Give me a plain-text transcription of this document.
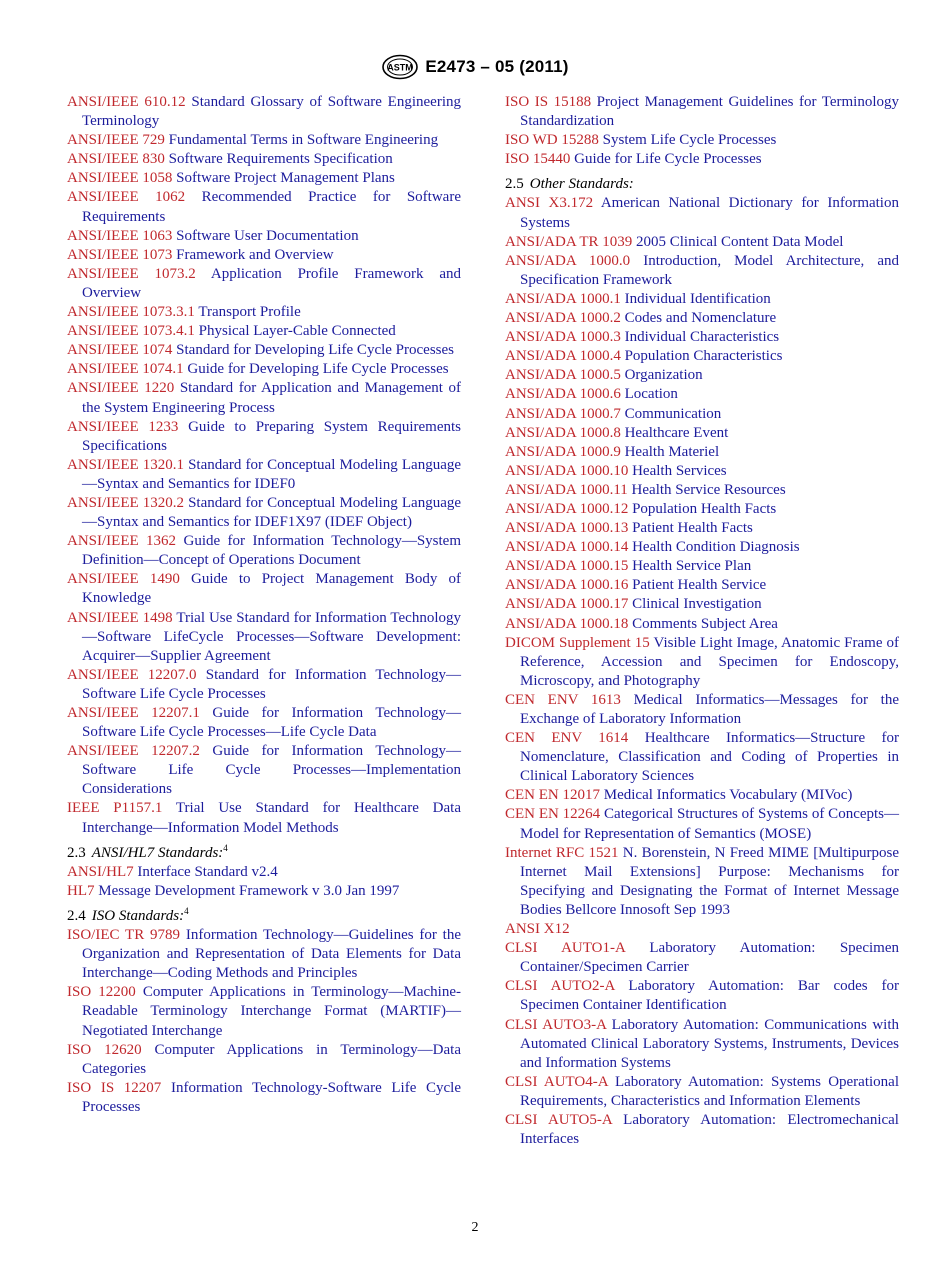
ASTM E2473 – 05 (2011)

ANSI/IEEE 610.12 Standard Glossary of Software Engineering Terminology

ANSI/IEEE 729 Fundamental Terms in Software Engineering

ANSI/IEEE 830 Software Requirements Specification

ANSI/IEEE 1058 Software Project Management Plans

ANSI/IEEE 1062 Recommended Practice for Software Requirements

ANSI/IEEE 1063 Software User Documentation

ANSI/IEEE 1073 Framework and Overview

ANSI/IEEE 1073.2 Application Profile Framework and Overview

ANSI/IEEE 1073.3.1 Transport Profile

ANSI/IEEE 1073.4.1 Physical Layer-Cable Connected

ANSI/IEEE 1074 Standard for Developing Life Cycle Processes

ANSI/IEEE 1074.1 Guide for Developing Life Cycle Processes

ANSI/IEEE 1220 Standard for Application and Management of the System Engineering Process

ANSI/IEEE 1233 Guide to Preparing System Requirements Specifications

ANSI/IEEE 1320.1 Standard for Conceptual Modeling Language—Syntax and Semantics for IDEF0

ANSI/IEEE 1320.2 Standard for Conceptual Modeling Language—Syntax and Semantics for IDEF1X97 (IDEF Object)

ANSI/IEEE 1362 Guide for Information Technology—System Definition—Concept of Operations Document

ANSI/IEEE 1490 Guide to Project Management Body of Knowledge

ANSI/IEEE 1498 Trial Use Standard for Information Technology—Software LifeCycle Processes—Software Development: Acquirer—Supplier Agreement

ANSI/IEEE 12207.0 Standard for Information Technology—Software Life Cycle Processes

ANSI/IEEE 12207.1 Guide for Information Technology—Software Life Cycle Processes—Life Cycle Data

ANSI/IEEE 12207.2 Guide for Information Technology—Software Life Cycle Processes—Implementation Considerations

IEEE P1157.1 Trial Use Standard for Healthcare Data Interchange—Information Model Methods

2.3 ANSI/HL7 Standards:$^4$

ANSI/HL7 Interface Standard v2.4

HL7 Message Development Framework v 3.0 Jan 1997

2.4 ISO Standards:$^4$

ISO/IEC TR 9789 Information Technology—Guidelines for the Organization and Representation of Data Elements for Data Interchange—Coding Methods and Principles

ISO 12200 Computer Applications in Terminology—Machine-Readable Terminology Interchange Format (MARTIF)—Negotiated Interchange

ISO 12620 Computer Applications in Terminology—Data Categories

ISO IS 12207 Information Technology-Software Life Cycle Processes

ISO IS 15188 Project Management Guidelines for Terminology Standardization

ISO WD 15288 System Life Cycle Processes

ISO 15440 Guide for Life Cycle Processes

2.5 Other Standards:

ANSI X3.172 American National Dictionary for Information Systems

ANSI/ADA TR 1039 2005 Clinical Content Data Model

ANSI/ADA 1000.0 Introduction, Model Architecture, and Specification Framework

ANSI/ADA 1000.1 Individual Identification

ANSI/ADA 1000.2 Codes and Nomenclature

ANSI/ADA 1000.3 Individual Characteristics

ANSI/ADA 1000.4 Population Characteristics

ANSI/ADA 1000.5 Organization

ANSI/ADA 1000.6 Location

ANSI/ADA 1000.7 Communication

ANSI/ADA 1000.8 Healthcare Event

ANSI/ADA 1000.9 Health Materiel

ANSI/ADA 1000.10 Health Services

ANSI/ADA 1000.11 Health Service Resources

ANSI/ADA 1000.12 Population Health Facts

ANSI/ADA 1000.13 Patient Health Facts

ANSI/ADA 1000.14 Health Condition Diagnosis

ANSI/ADA 1000.15 Health Service Plan

ANSI/ADA 1000.16 Patient Health Service

ANSI/ADA 1000.17 Clinical Investigation

ANSI/ADA 1000.18 Comments Subject Area

DICOM Supplement 15 Visible Light Image, Anatomic Frame of Reference, Accession and Specimen for Endoscopy, Microscopy, and Photography

CEN ENV 1613 Medical Informatics—Messages for the Exchange of Laboratory Information

CEN ENV 1614 Healthcare Informatics—Structure for Nomenclature, Classification and Coding of Properties in Clinical Laboratory Sciences

CEN EN 12017 Medical Informatics Vocabulary (MIVoc)

CEN EN 12264 Categorical Structures of Systems of Concepts—Model for Representation of Semantics (MOSE)

Internet RFC 1521 N. Borenstein, N Freed MIME [Multipurpose Internet Mail Extensions] Purpose: Mechanisms for Specifying and Designating the Format of Internet Message Bodies Bellcore Innosoft Sep 1993

ANSI X12

CLSI AUTO1-A Laboratory Automation: Specimen Container/Specimen Carrier

CLSI AUTO2-A Laboratory Automation: Bar codes for Specimen Container Identification

CLSI AUTO3-A Laboratory Automation: Communications with Automated Clinical Laboratory Systems, Instruments, Devices and Information Systems

CLSI AUTO4-A Laboratory Automation: Systems Operational Requirements, Characteristics and Information Elements

CLSI AUTO5-A Laboratory Automation: Electromechanical Interfaces

2
